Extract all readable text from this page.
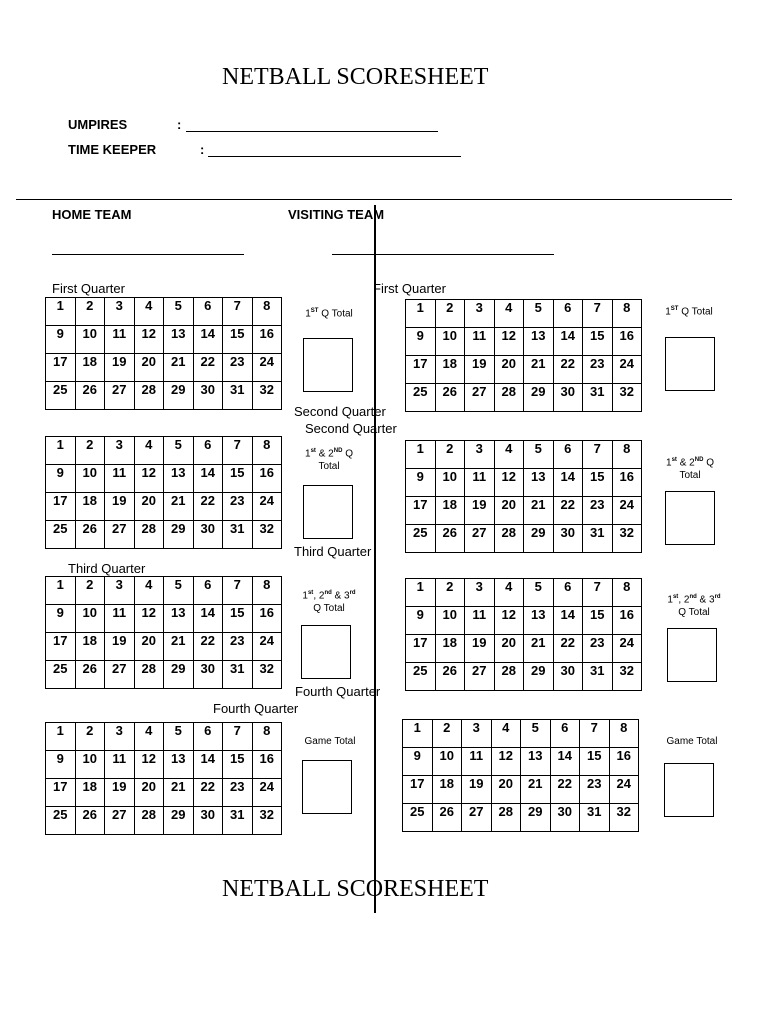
NETBALL SCORESHEET
UMPIRES	:
TIME KEEPER	:
HOME TEAM	VISITING TEAM
First Quarter	First Quarter
Second Quarter
Second Quarter
Third Quarter
Third Quarter
Fourth Quarter
Fourth Quarter
1	2	3	4	5	6	7	8
9	10	11	12	13	14	15	16
17	18	19	20	21	22	23	24
25	26	27	28	29	30	31	32
1	2	3	4	5	6	7	8
9	10	11	12	13	14	15	16
17	18	19	20	21	22	23	24
25	26	27	28	29	30	31	32
1	2	3	4	5	6	7	8
9	10	11	12	13	14	15	16
17	18	19	20	21	22	23	24
25	26	27	28	29	30	31	32
1	2	3	4	5	6	7	8
9	10	11	12	13	14	15	16
17	18	19	20	21	22	23	24
25	26	27	28	29	30	31	32
1	2	3	4	5	6	7	8
9	10	11	12	13	14	15	16
17	18	19	20	21	22	23	24
25	26	27	28	29	30	31	32
1	2	3	4	5	6	7	8
9	10	11	12	13	14	15	16
17	18	19	20	21	22	23	24
25	26	27	28	29	30	31	32
1	2	3	4	5	6	7	8
9	10	11	12	13	14	15	16
17	18	19	20	21	22	23	24
25	26	27	28	29	30	31	32
1	2	3	4	5	6	7	8
9	10	11	12	13	14	15	16
17	18	19	20	21	22	23	24
25	26	27	28	29	30	31	32
1ST Q Total
1st & 2ND Q
Total
1st, 2nd & 3rd
Q Total
Game Total
1ST Q Total
1st & 2ND Q
Total
1st, 2nd & 3rd
Q Total
Game Total
NETBALL SCORESHEET
